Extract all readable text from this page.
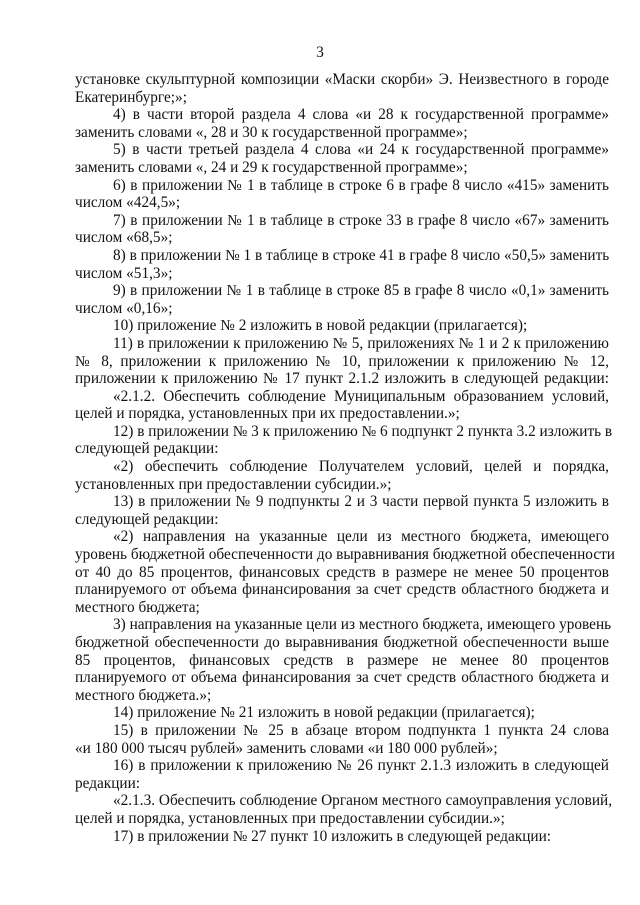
3
установке скульптурной композиции «Маски скорби» Э. Неизвестного в городе
Екатеринбурге;»;
4) в части второй раздела 4 слова «и 28 к государственной программе»
заменить словами «, 28 и 30 к государственной программе»;
5) в части третьей раздела 4 слова «и 24 к государственной программе»
заменить словами «, 24 и 29 к государственной программе»;
6) в приложении № 1 в таблице в строке 6 в графе 8 число «415» заменить
числом «424,5»;
7) в приложении № 1 в таблице в строке 33 в графе 8 число «67» заменить
числом «68,5»;
8) в приложении № 1 в таблице в строке 41 в графе 8 число «50,5» заменить
числом «51,3»;
9) в приложении № 1 в таблице в строке 85 в графе 8 число «0,1» заменить
числом «0,16»;
10) приложение № 2 изложить в новой редакции (прилагается);
11) в приложении к приложению № 5, приложениях № 1 и 2 к приложению
№ 8, приложении к приложению № 10, приложении к приложению № 12,
приложении к приложению № 17 пункт 2.1.2 изложить в следующей редакции:
«2.1.2. Обеспечить соблюдение Муниципальным образованием условий,
целей и порядка, установленных при их предоставлении.»;
12) в приложении № 3 к приложению № 6 подпункт 2 пункта 3.2 изложить в
следующей редакции:
«2) обеспечить соблюдение Получателем условий, целей и порядка,
установленных при предоставлении субсидии.»;
13) в приложении № 9 подпункты 2 и 3 части первой пункта 5 изложить в
следующей редакции:
«2) направления на указанные цели из местного бюджета, имеющего
уровень бюджетной обеспеченности до выравнивания бюджетной обеспеченности
от 40 до 85 процентов, финансовых средств в размере не менее 50 процентов
планируемого от объема финансирования за счет средств областного бюджета и
местного бюджета;
3) направления на указанные цели из местного бюджета, имеющего уровень
бюджетной обеспеченности до выравнивания бюджетной обеспеченности выше
85 процентов, финансовых средств в размере не менее 80 процентов
планируемого от объема финансирования за счет средств областного бюджета и
местного бюджета.»;
14) приложение № 21 изложить в новой редакции (прилагается);
15) в приложении № 25 в абзаце втором подпункта 1 пункта 24 слова
«и 180 000 тысяч рублей» заменить словами «и 180 000 рублей»;
16) в приложении к приложению № 26 пункт 2.1.3 изложить в следующей
редакции:
«2.1.3. Обеспечить соблюдение Органом местного самоуправления условий,
целей и порядка, установленных при предоставлении субсидии.»;
17) в приложении № 27 пункт 10 изложить в следующей редакции:
